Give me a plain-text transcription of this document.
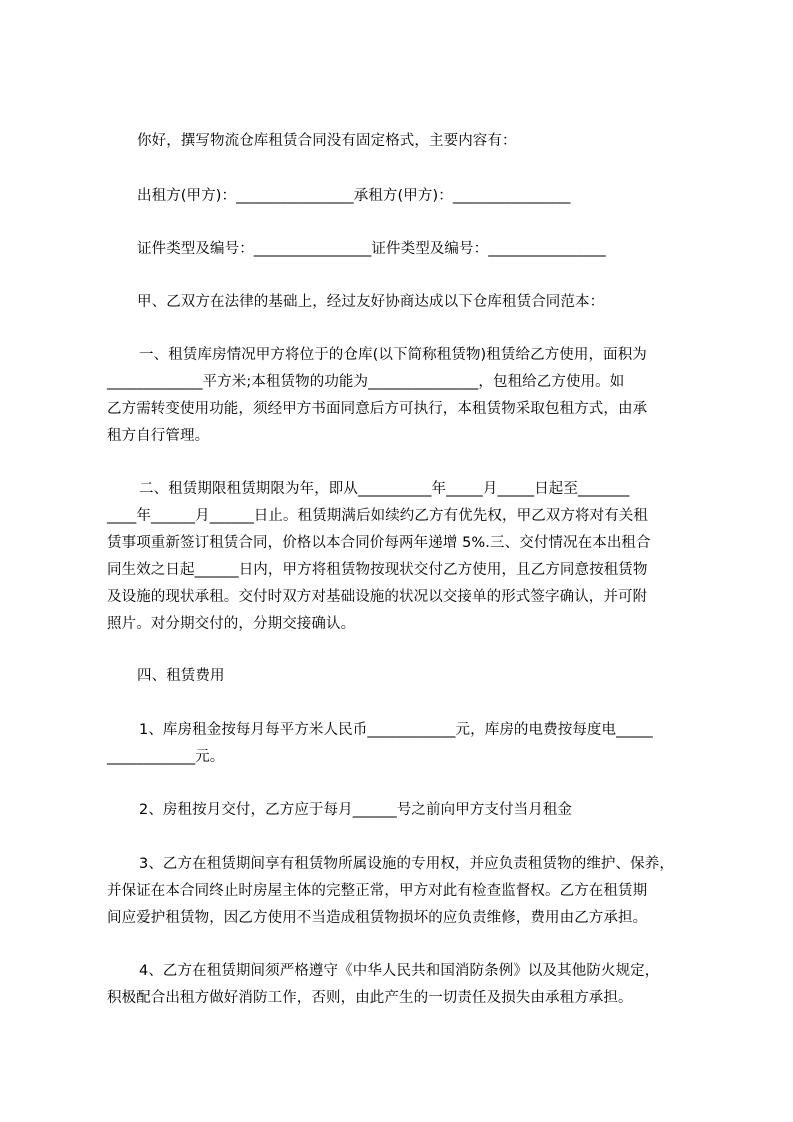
你好，撰写物流仓库租赁合同没有固定格式，主要内容有：
出租方(甲方)：________________承租方(甲方)：________________
证件类型及编号：________________证件类型及编号：________________
甲、乙双方在法律的基础上，经过友好协商达成以下仓库租赁合同范本：
一、租赁库房情况甲方将位于的仓库(以下简称租赁物)租赁给乙方使用，面积为
_____________平方米;本租赁物的功能为_______________，包租给乙方使用。如
乙方需转变使用功能，须经甲方书面同意后方可执行，本租赁物采取包租方式，由承
租方自行管理。
二、租赁期限租赁期限为年，即从__________年_____月_____日起至_______
____年______月______日止。租赁期满后如续约乙方有优先权，甲乙双方将对有关租
赁事项重新签订租赁合同，价格以本合同价每两年递增 5%.三、交付情况在本出租合
同生效之日起______日内，甲方将租赁物按现状交付乙方使用，且乙方同意按租赁物
及设施的现状承租。交付时双方对基础设施的状况以交接单的形式签字确认，并可附
照片。对分期交付的，分期交接确认。
四、租赁费用
1、库房租金按每月每平方米人民币____________元，库房的电费按每度电_____
____________元。
2、房租按月交付，乙方应于每月______号之前向甲方支付当月租金
3、乙方在租赁期间享有租赁物所属设施的专用权，并应负责租赁物的维护、保养，
并保证在本合同终止时房屋主体的完整正常，甲方对此有检查监督权。乙方在租赁期
间应爱护租赁物，因乙方使用不当造成租赁物损坏的应负责维修，费用由乙方承担。
4、乙方在租赁期间须严格遵守《中华人民共和国消防条例》以及其他防火规定，
积极配合出租方做好消防工作，否则，由此产生的一切责任及损失由承租方承担。
